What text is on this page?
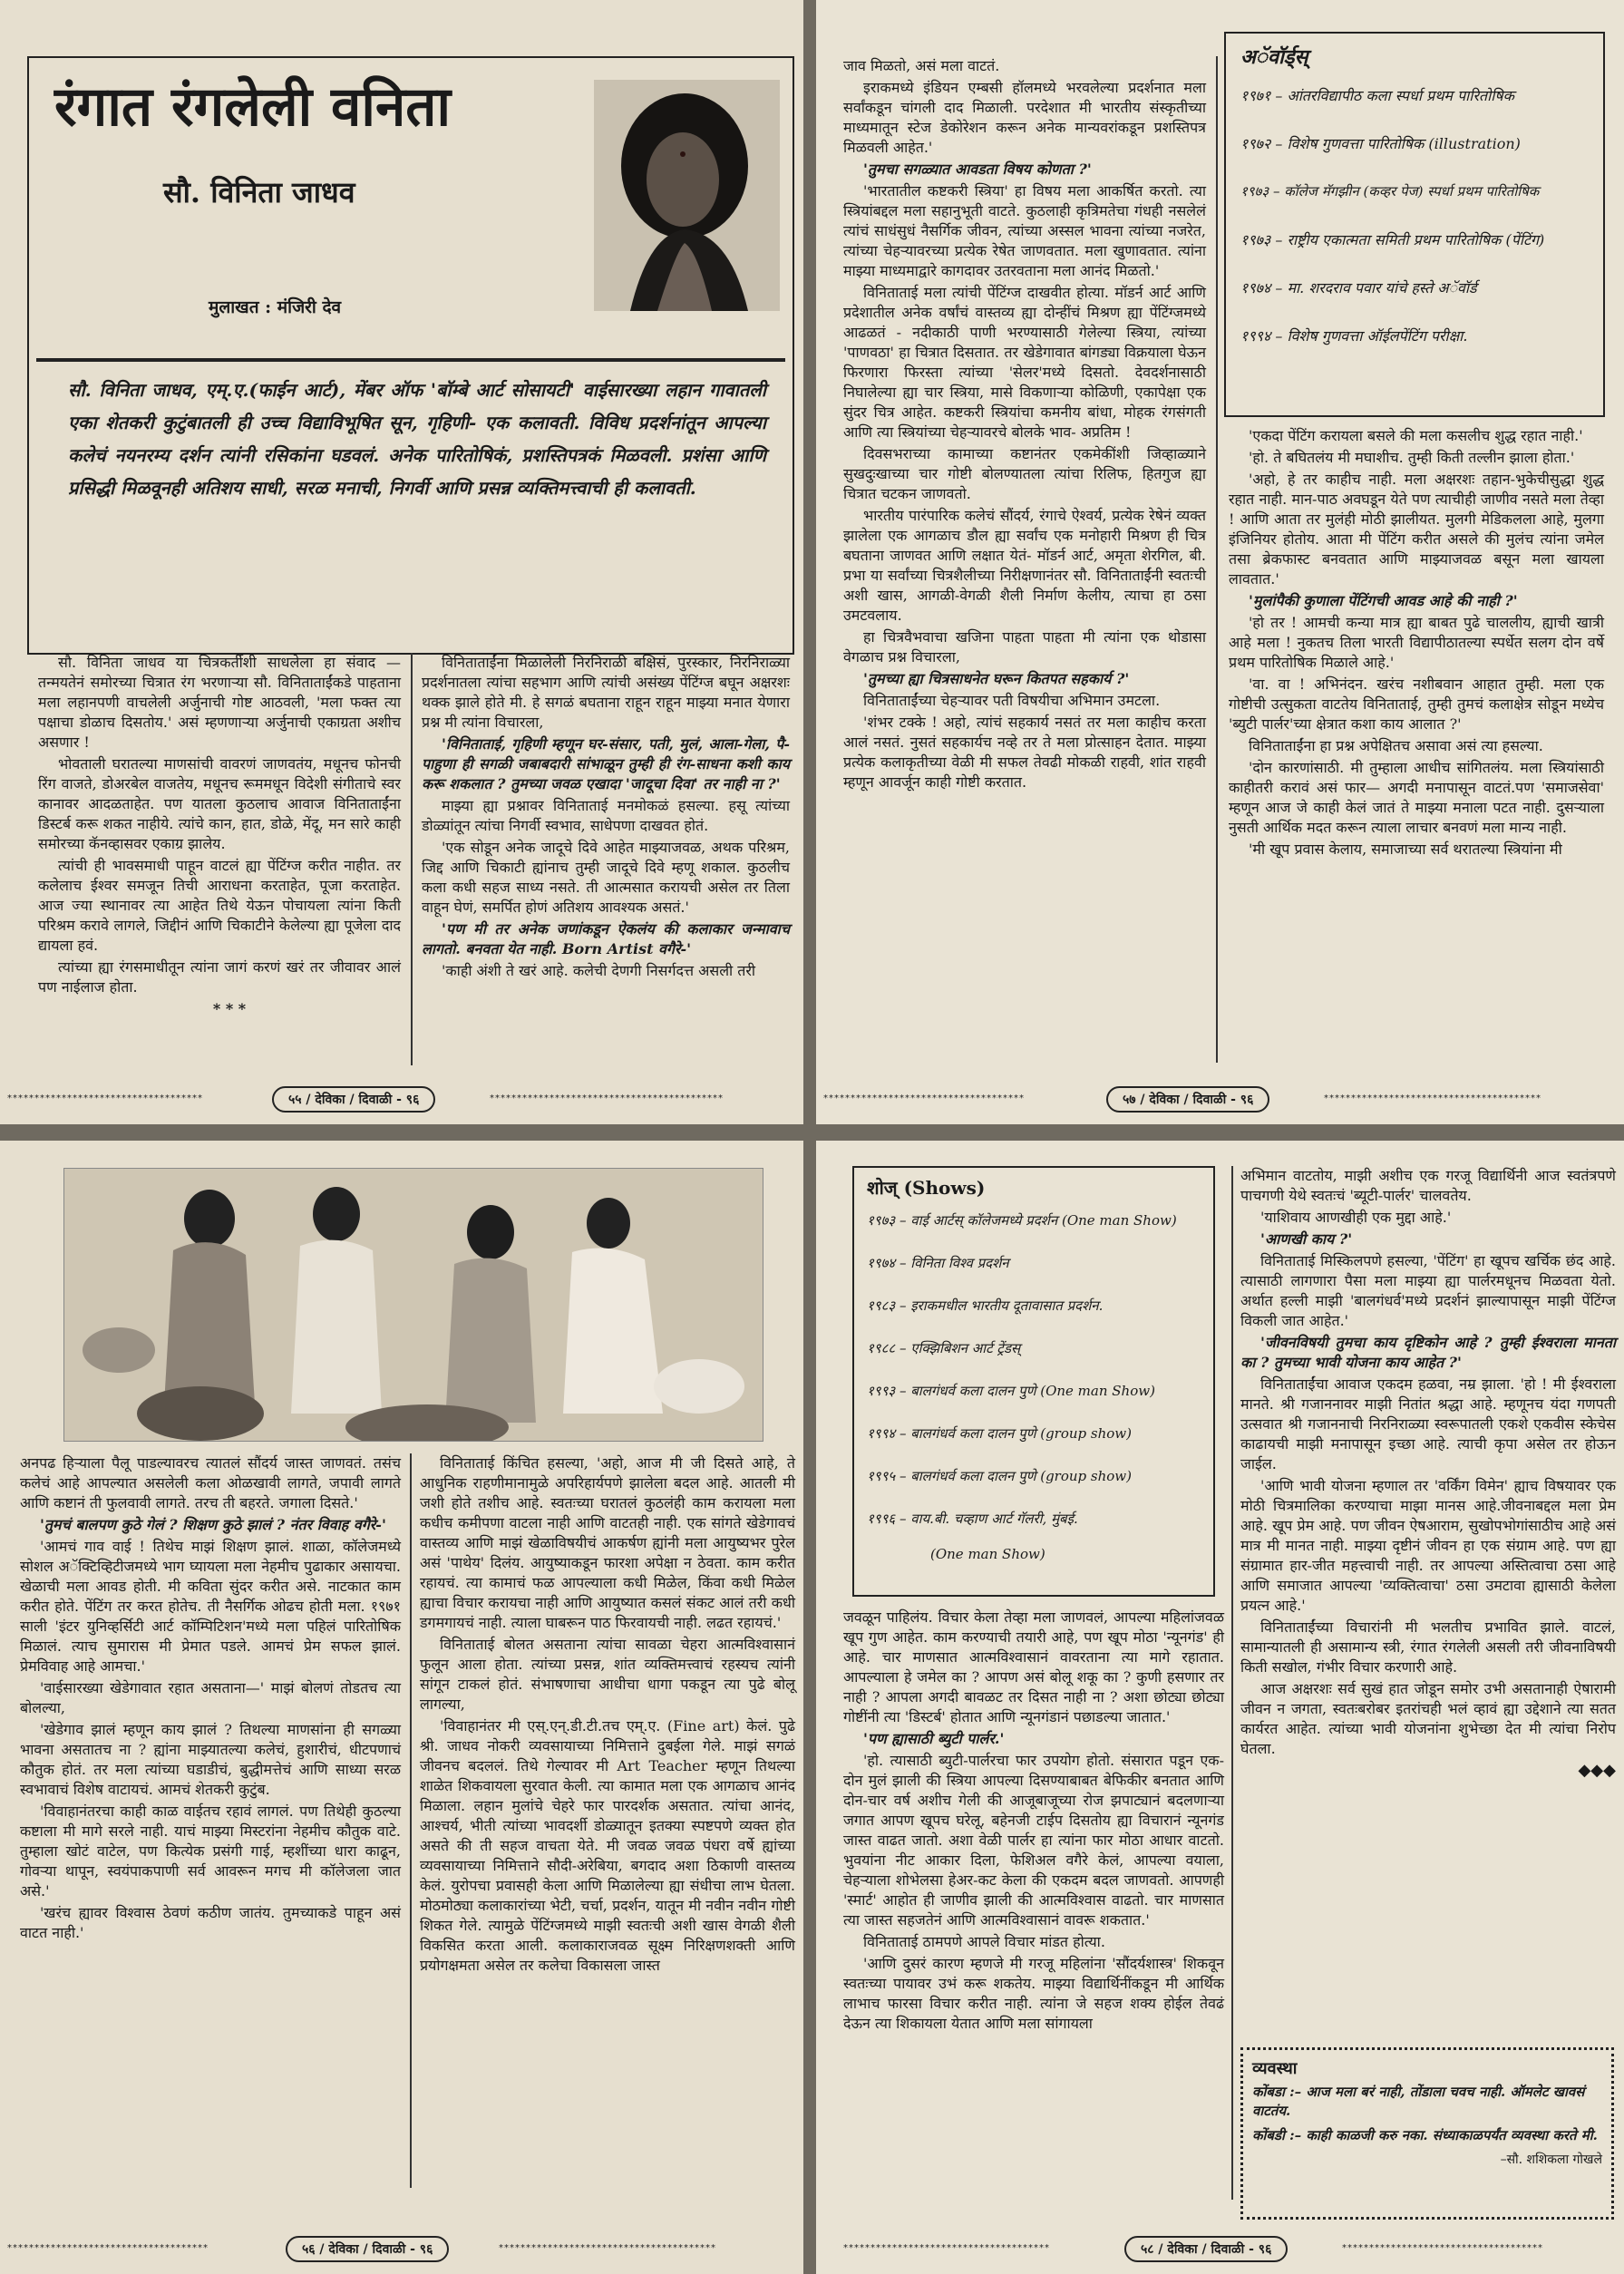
रंगात रंगलेली वनिता
सौ. विनिता जाधव
मुलाखत : मंजिरी देव
सौ. विनिता जाधव, एम्.ए.(फाईन आर्ट), मेंबर ऑफ 'बॉम्बे आर्ट सोसायटी' वाईसारख्या लहान गावातली एका शेतकरी कुटुंबातली ही उच्च विद्याविभूषित सून, गृहिणी- एक कलावती. विविध प्रदर्शनांतून आपल्या कलेचं नयनरम्य दर्शन त्यांनी रसिकांना घडवलं. अनेक पारितोषिकं, प्रशस्तिपत्रकं मिळवली. प्रशंसा आणि प्रसिद्धी मिळवूनही अतिशय साधी, सरळ मनाची, निगर्वी आणि प्रसन्न व्यक्तिमत्त्वाची ही कलावती.

सौ. विनिता जाधव या चित्रकर्तीशी साधलेला हा संवाद — तन्मयतेनं समोरच्या चित्रात रंग भरणाऱ्या सौ. विनिताताईंकडे पाहताना मला लहानपणी वाचलेली अर्जुनाची गोष्ट आठवली, 'मला फक्त त्या पक्षाचा डोळाच दिसतोय.' असं म्हणणाऱ्या अर्जुनाची एकाग्रता अशीच असणार !

भोवताली घरातल्या माणसांची वावरणं जाणवतंय, मधूनच फोनची रिंग वाजते, डोअरबेल वाजतेय, मधूनच रूममधून विदेशी संगीताचे स्वर कानावर आदळताहेत. पण यातला कुठलाच आवाज विनिताताईंना डिस्टर्ब करू शकत नाहीये. त्यांचे कान, हात, डोळे, मेंदू, मन सारे काही समोरच्या कॅनव्हासवर एकाग्र झालेय.

त्यांची ही भावसमाधी पाहून वाटलं ह्या पेंटिंग्ज करीत नाहीत. तर कलेलाच ईश्वर समजून तिची आराधना करताहेत, पूजा करताहेत. आज ज्या स्थानावर त्या आहेत तिथे येऊन पोचायला त्यांना किती परिश्रम करावे लागले, जिद्दीनं आणि चिकाटीने केलेल्या ह्या पूजेला दाद द्यायला हवं.

त्यांच्या ह्या रंगसमाधीतून त्यांना जागं करणं खरं तर जीवावर आलं पण नाईलाज होता.

* * *

विनिताताईंना मिळालेली निरनिराळी बक्षिसं, पुरस्कार, निरनिराळ्या प्रदर्शनातला त्यांचा सहभाग आणि त्यांची असंख्य पेंटिंग्ज बघून अक्षरशः थक्क झाले होते मी. हे सगळं बघताना राहून राहून माझ्या मनात येणारा प्रश्न मी त्यांना विचारला,

'विनिताताई, गृहिणी म्हणून घर-संसार, पती, मुलं, आला-गेला, पै-पाहुणा ही सगळी जबाबदारी सांभाळून तुम्ही ही रंग-साधना कशी काय करू शकलात ? तुमच्या जवळ एखादा 'जादूचा दिवा' तर नाही ना ?'

माझ्या ह्या प्रश्नावर विनिताताई मनमोकळं हसल्या. हसू त्यांच्या डोळ्यांतून त्यांचा निगर्वी स्वभाव, साधेपणा दाखवत होतं.

'एक सोडून अनेक जादूचे दिवे आहेत माझ्याजवळ, अथक परिश्रम, जिद्द आणि चिकाटी ह्यांनाच तुम्ही जादूचे दिवे म्हणू शकाल. कुठलीच कला कधी सहज साध्य नसते. ती आत्मसात करायची असेल तर तिला वाहून घेणं, समर्पित होणं अतिशय आवश्यक असतं.'

'पण मी तर अनेक जणांकडून ऐकलंय की कलाकार जन्मावाच लागतो. बनवता येत नाही. Born Artist वगैरे-'

'काही अंशी ते खरं आहे. कलेची देणगी निसर्गदत्त असली तरी

************************************	५५ / देविका / दिवाळी - ९६	*******************************************

जाव मिळतो, असं मला वाटतं.

इराकमध्ये इंडियन एम्बसी हॉलमध्ये भरवलेल्या प्रदर्शनात मला सर्वांकडून चांगली दाद मिळाली. परदेशात मी भारतीय संस्कृतीच्या माध्यमातून स्टेज डेकोरेशन करून अनेक मान्यवरांकडून प्रशस्तिपत्र मिळवली आहेत.'

'तुमचा सगळ्यात आवडता विषय कोणता ?'

'भारतातील कष्टकरी स्त्रिया' हा विषय मला आकर्षित करतो. त्या स्त्रियांबद्दल मला सहानुभूती वाटते. कुठलाही कृत्रिमतेचा गंधही नसलेलं त्यांचं साधंसुधं नैसर्गिक जीवन, त्यांच्या अस्सल भावना त्यांच्या नजरेत, त्यांच्या चेहऱ्यावरच्या प्रत्येक रेषेत जाणवतात. मला खुणावतात. त्यांना माझ्या माध्यमाद्वारे कागदावर उतरवताना मला आनंद मिळतो.'

विनिताताई मला त्यांची पेंटिंग्ज दाखवीत होत्या. मॉडर्न आर्ट आणि प्रदेशातील अनेक वर्षांचं वास्तव्य ह्या दोन्हींचं मिश्रण ह्या पेंटिंग्जमध्ये आढळतं - नदीकाठी पाणी भरण्यासाठी गेलेल्या स्त्रिया, त्यांच्या 'पाणवठा' हा चित्रात दिसतात. तर खेडेगावात बांगड्या विक्रयाला घेऊन फिरणारा फिरस्ता त्यांच्या 'सेलर'मध्ये दिसतो. देवदर्शनासाठी निघालेल्या ह्या चार स्त्रिया, मासे विकणाऱ्या कोळिणी, एकापेक्षा एक सुंदर चित्र आहेत. कष्टकरी स्त्रियांचा कमनीय बांधा, मोहक रंगसंगती आणि त्या स्त्रियांच्या चेहऱ्यावरचे बोलके भाव- अप्रतिम !

दिवसभराच्या कामाच्या कष्टानंतर एकमेकींशी जिव्हाळ्याने सुखदुःखाच्या चार गोष्टी बोलण्यातला त्यांचा रिलिफ, हितगुज ह्या चित्रात चटकन जाणवतो.

भारतीय पारंपारिक कलेचं सौंदर्य, रंगाचे ऐश्वर्य, प्रत्येक रेषेनं व्यक्त झालेला एक आगळाच डौल ह्या सर्वांच एक मनोहारी मिश्रण ही चित्र बघताना जाणवत आणि लक्षात येतं- मॉडर्न आर्ट, अमृता शेरगिल, बी. प्रभा या सर्वांच्या चित्रशैलीच्या निरीक्षणानंतर सौ. विनिताताईंनी स्वतःची अशी खास, आगळी-वेगळी शैली निर्माण केलीय, त्याचा हा ठसा उमटवलाय.

हा चित्रवैभवाचा खजिना पाहता पाहता मी त्यांना एक थोडासा वेगळाच प्रश्न विचारला,

'तुमच्या ह्या चित्रसाधनेत घरून कितपत सहकार्य ?'

विनिताताईंच्या चेहऱ्यावर पती विषयीचा अभिमान उमटला.

'शंभर टक्के ! अहो, त्यांचं सहकार्य नसतं तर मला काहीच करता आलं नसतं. नुसतं सहकार्यच नव्हे तर ते मला प्रोत्साहन देतात. माझ्या प्रत्येक कलाकृतीच्या वेळी मी सफल तेवढी मोकळी राहवी, शांत राहवी म्हणून आवर्जून काही गोष्टी करतात.

अॅवॉर्ड्स्
१९७१ – आंतरविद्यापीठ कला स्पर्धा प्रथम पारितोषिक
१९७२ – विशेष गुणवत्ता पारितोषिक (illustration)
१९७३ – कॉलेज मॅगझीन (कव्हर पेज) स्पर्धा प्रथम पारितोषिक
१९७३ – राष्ट्रीय एकात्मता समिती प्रथम पारितोषिक (पेंटिंग)
१९७४ – मा. शरदराव पवार यांचे हस्ते अॅवॉर्ड
१९९४ – विशेष गुणवत्ता ऑईलपेंटिंग परीक्षा.

'एकदा पेंटिंग करायला बसले की मला कसलीच शुद्ध रहात नाही.'

'हो. ते बघितलंय मी मघाशीच. तुम्ही किती तल्लीन झाला होता.'

'अहो, हे तर काहीच नाही. मला अक्षरशः तहान-भुकेचीसुद्धा शुद्ध रहात नाही. मान-पाठ अवघडून येते पण त्याचीही जाणीव नसते मला तेव्हा ! आणि आता तर मुलंही मोठी झालीयत. मुलगी मेडिकलला आहे, मुलगा इंजिनियर होतोय. आता मी पेंटिंग करीत असले की मुलंच त्यांना जमेल तसा ब्रेकफास्ट बनवतात आणि माझ्याजवळ बसून मला खायला लावतात.'

'मुलांपैकी कुणाला पेंटिंगची आवड आहे की नाही ?'

'हो तर ! आमची कन्या मात्र ह्या बाबत पुढे चाललीय, ह्याची खात्री आहे मला ! नुकतच तिला भारती विद्यापीठातल्या स्पर्धेत सलग दोन वर्षे प्रथम पारितोषिक मिळाले आहे.'

'वा. वा ! अभिनंदन. खरंच नशीबवान आहात तुम्ही. मला एक गोष्टीची उत्सुकता वाटतेय विनिताताई, तुम्ही तुमचं कलाक्षेत्र सोडून मध्येच 'ब्युटी पार्लर'च्या क्षेत्रात कशा काय आलात ?'

विनिताताईंना हा प्रश्न अपेक्षितच असावा असं त्या हसल्या.

'दोन कारणांसाठी. मी तुम्हाला आधीच सांगितलंय. मला स्त्रियांसाठी काहीतरी करावं असं फार— अगदी मनापासून वाटतं.पण 'समाजसेवा' म्हणून आज जे काही केलं जातं ते माझ्या मनाला पटत नाही. दुसऱ्याला नुसती आर्थिक मदत करून त्याला लाचार बनवणं मला मान्य नाही.

'मी खूप प्रवास केलाय, समाजाच्या सर्व थरातल्या स्त्रियांना मी

*************************************	५७ / देविका / दिवाळी - ९६	****************************************

अनपढ हिऱ्याला पैलू पाडल्यावरच त्यातलं सौंदर्य जास्त जाणवतं. तसंच कलेचं आहे आपल्यात असलेली कला ओळखावी लागते, जपावी लागते आणि कष्टानं ती फुलवावी लागते. तरच ती बहरते. जगाला दिसते.'

'तुमचं बालपण कुठे गेलं ? शिक्षण कुठे झालं ? नंतर विवाह वगैरे-'

'आमचं गाव वाई ! तिथेच माझं शिक्षण झालं. शाळा, कॉलेजमध्ये सोशल अॅक्टिव्हिटीजमध्ये भाग घ्यायला मला नेहमीच पुढाकार असायचा. खेळाची मला आवड होती. मी कविता सुंदर करीत असे. नाटकात काम करीत होते. पेंटिंग तर करत होतेच. ती नैसर्गिक ओढच होती मला. १९७१ साली 'इंटर युनिव्हर्सिटी आर्ट कॉम्पिटिशन'मध्ये मला पहिलं पारितोषिक मिळालं. त्याच सुमारास मी प्रेमात पडले. आमचं प्रेम सफल झालं. प्रेमविवाह आहे आमचा.'

'वाईसारख्या खेडेगावात रहात असताना—' माझं बोलणं तोडतच त्या बोलल्या,

'खेडेगाव झालं म्हणून काय झालं ? तिथल्या माणसांना ही सगळ्या भावना असतातच ना ? ह्यांना माझ्यातल्या कलेचं, हुशारीचं, धीटपणाचं कौतुक होतं. तर मला त्यांच्या घडाडीचं, बुद्धीमत्तेचं आणि साध्या सरळ स्वभावाचं विशेष वाटायचं. आमचं शेतकरी कुटुंब.

'विवाहानंतरचा काही काळ वाईतच रहावं लागलं. पण तिथेही कुठल्या कष्टाला मी मागे सरले नाही. याचं माझ्या मिस्टरांना नेहमीच कौतुक वाटे. तुम्हाला खोटं वाटेल, पण कित्येक प्रसंगी गाई, म्हशींच्या धारा काढून, गोवऱ्या थापून, स्वयंपाकपाणी सर्व आवरून मगच मी कॉलेजला जात असे.'

'खरंच ह्यावर विश्वास ठेवणं कठीण जातंय. तुमच्याकडे पाहून असं वाटत नाही.'

विनिताताई किंचित हसल्या, 'अहो, आज मी जी दिसते आहे, ते आधुनिक राहणीमानामुळे अपरिहार्यपणे झालेला बदल आहे. आतली मी जशी होते तशीच आहे. स्वतःच्या घरातलं कुठलंही काम करायला मला कधीच कमीपणा वाटला नाही आणि वाटतही नाही. एक सांगते खेडेगावचं वास्तव्य आणि माझं खेळाविषयीचं आकर्षण ह्यांनी मला आयुष्यभर पुरेल असं 'पाथेय' दिलंय. आयुष्याकडून फारशा अपेक्षा न ठेवता. काम करीत रहायचं. त्या कामाचं फळ आपल्याला कधी मिळेल, किंवा कधी मिळेल ह्याचा विचार करायचा नाही आणि आयुष्यात कसलं संकट आलं तरी कधी डगमगायचं नाही. त्याला घाबरून पाठ फिरवायची नाही. लढत रहायचं.'

विनिताताई बोलत असताना त्यांचा सावळा चेहरा आत्मविश्वासानं फुलून आला होता. त्यांच्या प्रसन्न, शांत व्यक्तिमत्त्वाचं रहस्यच त्यांनी सांगून टाकलं होतं. संभाषणाचा आधीचा धागा पकडून त्या पुढे बोलू लागल्या,

'विवाहानंतर मी एस्.एन्.डी.टी.तच एम्.ए. (Fine art) केलं. पुढे श्री. जाधव नोकरी व्यवसायाच्या निमित्ताने दुबईला गेले. माझं सगळं जीवनच बदललं. तिथे गेल्यावर मी Art Teacher म्हणून तिथल्या शाळेत शिकवायला सुरवात केली. त्या कामात मला एक आगळाच आनंद मिळाला. लहान मुलांचे चेहरे फार पारदर्शक असतात. त्यांचा आनंद, आश्चर्य, भीती त्यांच्या भावदर्शी डोळ्यातून इतक्या स्पष्टपणे व्यक्त होत असते की ती सहज वाचता येते. मी जवळ जवळ पंधरा वर्षे ह्यांच्या व्यवसायाच्या निमित्ताने सौदी-अरेबिया, बगदाद अशा ठिकाणी वास्तव्य केलं. युरोपचा प्रवासही केला आणि मिळालेल्या ह्या संधीचा लाभ घेतला. मोठमोठ्या कलाकारांच्या भेटी, चर्चा, प्रदर्शन, यातून मी नवीन नवीन गोष्टी शिकत गेले. त्यामुळे पेंटिंग्जमध्ये माझी स्वतःची अशी खास वेगळी शैली विकसित करता आली. कलाकाराजवळ सूक्ष्म निरिक्षणशक्ती आणि प्रयोगक्षमता असेल तर कलेचा विकासला जास्त

*************************************	५६ / देविका / दिवाळी - ९६	****************************************
शोज् (Shows)
१९७३ – वाई आर्टस् कॉलेजमध्ये प्रदर्शन (One man Show)
१९७४ – विनिता विश्व प्रदर्शन
१९८३ – इराकमधील भारतीय दूतावासात प्रदर्शन.
१९८८ – एक्झिबिशन आर्ट ट्रेंडस्
१९९३ – बालगंधर्व कला दालन पुणे (One man Show)
१९९४ – बालगंधर्व कला दालन पुणे (group show)
१९९५ – बालगंधर्व कला दालन पुणे (group show)
१९९६ – वाय.बी. चव्हाण आर्ट गॅलरी, मुंबई.
(One man Show)

जवळून पाहिलंय. विचार केला तेव्हा मला जाणवलं, आपल्या महिलांजवळ खूप गुण आहेत. काम करण्याची तयारी आहे, पण खूप मोठा 'न्यूनगंड' ही आहे. चार माणसात आत्मविश्वासानं वावरताना त्या मागे रहातात. आपल्याला हे जमेल का ? आपण असं बोलू शकू का ? कुणी हसणार तर नाही ? आपला अगदी बावळट तर दिसत नाही ना ? अशा छोट्या छोट्या गोष्टींनी त्या 'डिस्टर्ब' होतात आणि न्यूनगंडानं पछाडल्या जातात.'

'पण ह्यासाठी ब्युटी पार्लर.'

'हो. त्यासाठी ब्युटी-पार्लरचा फार उपयोग होतो. संसारात पडून एक-दोन मुलं झाली की स्त्रिया आपल्या दिसण्याबाबत बेफिकीर बनतात आणि दोन-चार वर्ष अशीच गेली की आजूबाजूच्या रोज झपाट्यानं बदलणाऱ्या जगात आपण खूपच घरेलू, बहेनजी टाईप दिसतोय ह्या विचारानं न्यूनगंड जास्त वाढत जातो. अशा वेळी पार्लर हा त्यांना फार मोठा आधार वाटतो. भुवयांना नीट आकार दिला, फेशिअल वगैरे केलं, आपल्या वयाला, चेहऱ्याला शोभेलसा हेअर-कट केला की एकदम बदल जाणवतो. आपणही 'स्मार्ट' आहोत ही जाणीव झाली की आत्मविश्वास वाढतो. चार माणसात त्या जास्त सहजतेनं आणि आत्मविश्वासानं वावरू शकतात.'

विनिताताई ठामपणे आपले विचार मांडत होत्या.

'आणि दुसरं कारण म्हणजे मी गरजू महिलांना 'सौंदर्यशास्त्र' शिकवून स्वतःच्या पायावर उभं करू शकतेय. माझ्या विद्यार्थिनींकडून मी आर्थिक लाभाच फारसा विचार करीत नाही. त्यांना जे सहज शक्य होईल तेवढं देऊन त्या शिकायला येतात आणि मला सांगायला

अभिमान वाटतोय, माझी अशीच एक गरजू विद्यार्थिनी आज स्वतंत्रपणे पाचगणी येथे स्वतःचं 'ब्यूटी-पार्लर' चालवतेय.

'याशिवाय आणखीही एक मुद्दा आहे.'

'आणखी काय ?'

विनिताताई मिस्किलपणे हसल्या, 'पेंटिंग' हा खूपच खर्चिक छंद आहे. त्यासाठी लागणारा पैसा मला माझ्या ह्या पार्लरमधूनच मिळवता येतो. अर्थात हल्ली माझी 'बालगंधर्व'मध्ये प्रदर्शनं झाल्यापासून माझी पेंटिंग्ज विकली जात आहेत.'

'जीवनविषयी तुमचा काय दृष्टिकोन आहे ? तुम्ही ईश्वराला मानता का ? तुमच्या भावी योजना काय आहेत ?'

विनिताताईंचा आवाज एकदम हळवा, नम्र झाला. 'हो ! मी ईश्वराला मानते. श्री गजाननावर माझी नितांत श्रद्धा आहे. म्हणूनच यंदा गणपती उत्सवात श्री गजाननाची निरनिराळ्या स्वरूपातली एकशे एकवीस स्केचेस काढायची माझी मनापासून इच्छा आहे. त्याची कृपा असेल तर होऊन जाईल.

'आणि भावी योजना म्हणाल तर 'वर्किंग विमेन' ह्याच विषयावर एक मोठी चित्रमालिका करण्याचा माझा मानस आहे.जीवनाबद्दल मला प्रेम आहे. खूप प्रेम आहे. पण जीवन ऐषआराम, सुखोपभोगांसाठीच आहे असं मात्र मी मानत नाही. माझ्या दृष्टीनं जीवन हा एक संग्राम आहे. पण ह्या संग्रामात हार-जीत महत्त्वाची नाही. तर आपल्या अस्तित्वाचा ठसा आहे आणि समाजात आपल्या 'व्यक्तित्वाचा' ठसा उमटावा ह्यासाठी केलेला प्रयत्न आहे.'

विनिताताईंच्या विचारांनी मी भलतीच प्रभावित झाले. वाटलं, सामान्यातली ही असामान्य स्त्री, रंगात रंगलेली असली तरी जीवनाविषयी किती सखोल, गंभीर विचार करणारी आहे.

आज अक्षरशः सर्व सुखं हात जोडून समोर उभी असतानाही ऐषारामी जीवन न जगता, स्वतःबरोबर इतरांचही भलं व्हावं ह्या उद्देशाने त्या सतत कार्यरत आहेत. त्यांच्या भावी योजनांना शुभेच्छा देत मी त्यांचा निरोप घेतला.

◆◆◆

व्यवस्था
कोंबडा :– आज मला बरं नाही, तोंडाला चवच नाही. ऑमलेट खावसं वाटतंय.
कोंबडी :– काही काळजी करु नका. संध्याकाळपर्यंत व्यवस्था करते मी.
–सौ. शशिकला गोखले
**************************************	५८ / देविका / दिवाळी - ९६	*************************************
